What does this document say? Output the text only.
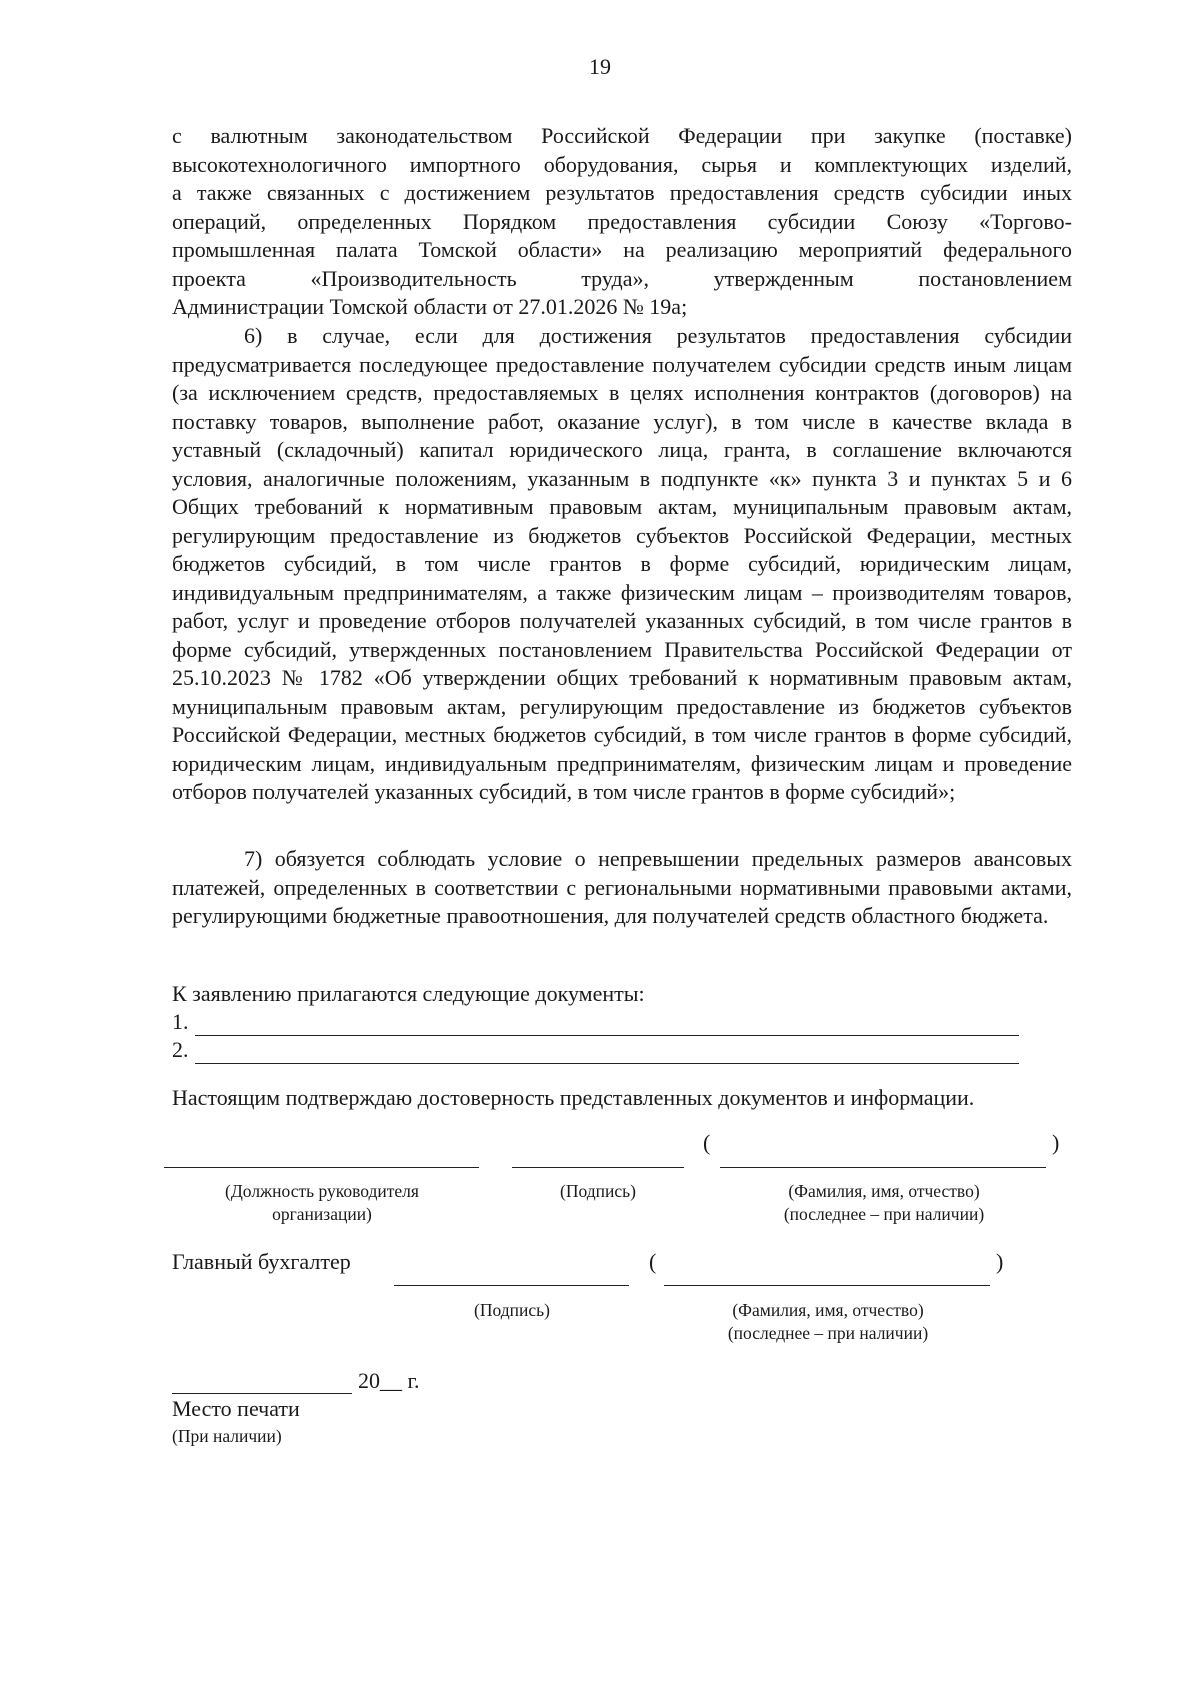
19

с валютным законодательством Российской Федерации при закупке (поставке)

высокотехнологичного импортного оборудования, сырья и комплектующих изделий,

а также связанных с достижением результатов предоставления средств субсидии иных

операций, определенных Порядком предоставления субсидии Союзу «Торгово-

промышленная палата Томской области» на реализацию мероприятий федерального

проекта «Производительность труда», утвержденным постановлением

Администрации Томской области от 27.01.2026 № 19а;

6) в случае, если для достижения результатов предоставления субсидии предусматривается последующее предоставление получателем субсидии средств иным лицам (за исключением средств, предоставляемых в целях исполнения контрактов (договоров) на поставку товаров, выполнение работ, оказание услуг), в том числе в качестве вклада в уставный (складочный) капитал юридического лица, гранта, в соглашение включаются условия, аналогичные положениям, указанным в подпункте «к» пункта 3 и пунктах 5 и 6 Общих требований к нормативным правовым актам, муниципальным правовым актам, регулирующим предоставление из бюджетов субъектов Российской Федерации, местных бюджетов субсидий, в том числе грантов в форме субсидий, юридическим лицам, индивидуальным предпринимателям, а также физическим лицам – производителям товаров, работ, услуг и проведение отборов получателей указанных субсидий, в том числе грантов в форме субсидий, утвержденных постановлением Правительства Российской Федерации от 25.10.2023 № 1782 «Об утверждении общих требований к нормативным правовым актам, муниципальным правовым актам, регулирующим предоставление из бюджетов субъектов Российской Федерации, местных бюджетов субсидий, в том числе грантов в форме субсидий, юридическим лицам, индивидуальным предпринимателям, физическим лицам и проведение отборов получателей указанных субсидий, в том числе грантов в форме субсидий»;

7) обязуется соблюдать условие о непревышении предельных размеров авансовых платежей, определенных в соответствии с региональными нормативными правовыми актами, регулирующими бюджетные правоотношения, для получателей средств областного бюджета.

К заявлению прилагаются следующие документы:
1.
2.
Настоящим подтверждаю достоверность представленных документов и информации.
(	)
(Должность руководителя
организации)
(Подпись)	(Фамилия, имя, отчество)
(последнее – при наличии)
Главный бухгалтер	(	)
(Подпись)	(Фамилия, имя, отчество)
(последнее – при наличии)
20__ г.
Место печати
(При наличии)
